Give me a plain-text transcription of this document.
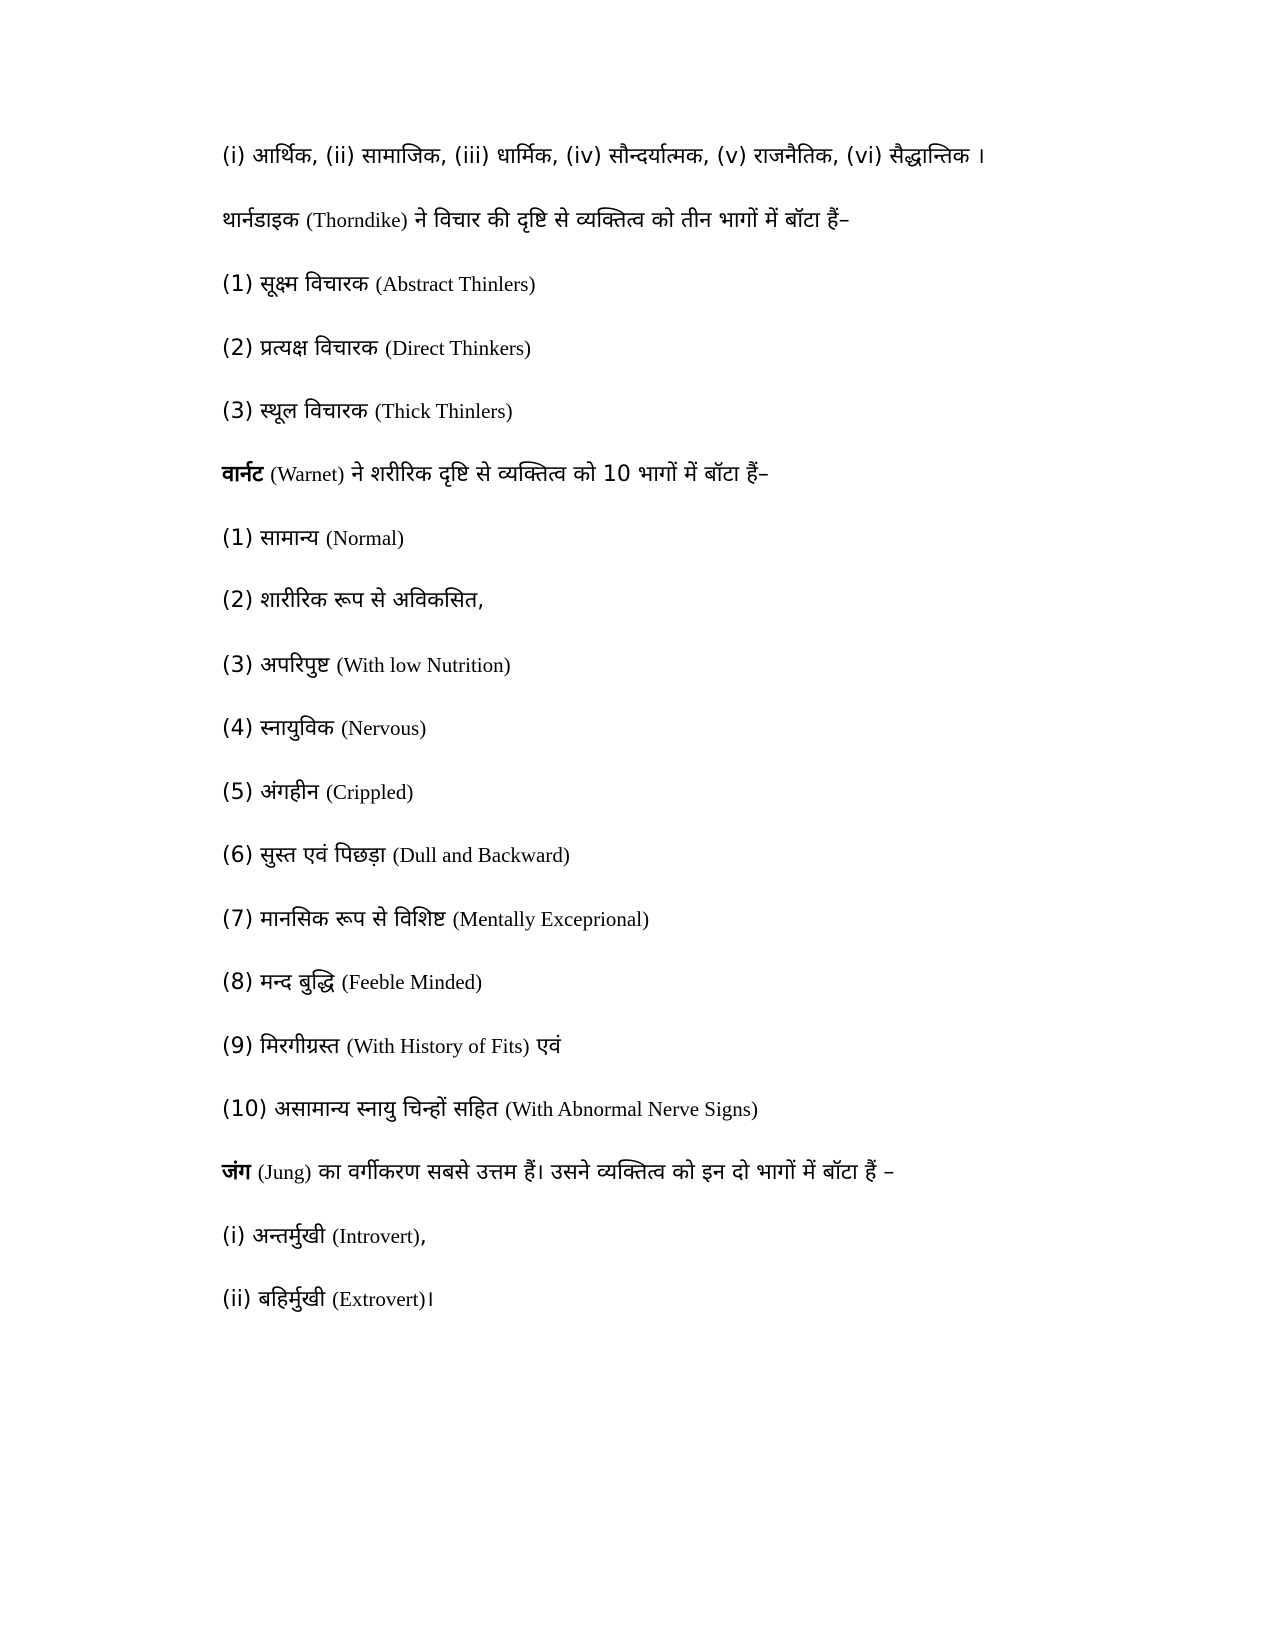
(i) आर्थिक, (ii) सामाजिक, (iii) धार्मिक, (iv) सौन्दर्यात्मक, (v) राजनैतिक, (vi) सैद्धान्तिक ।
थार्नडाइक (Thorndike) ने विचार की दृष्टि से व्यक्तित्व को तीन भागों में बॉटा हैं–
(1) सूक्ष्म विचारक (Abstract Thinlers)
(2) प्रत्यक्ष विचारक (Direct Thinkers)
(3) स्थूल विचारक (Thick Thinlers)
वार्नट (Warnet) ने शरीरिक दृष्टि से व्यक्तित्व को 10 भागों में बॉटा हैं–
(1) सामान्य (Normal)
(2) शारीरिक रूप से अविकसित,
(3) अपरिपुष्ट (With low Nutrition)
(4) स्नायुविक (Nervous)
(5) अंगहीन (Crippled)
(6) सुस्त एवं पिछड़ा (Dull and Backward)
(7) मानसिक रूप से विशिष्ट (Mentally Exceprional)
(8) मन्द बुद्धि (Feeble Minded)
(9) मिरगीग्रस्त (With History of Fits) एवं
(10) असामान्य स्नायु चिन्हों सहित (With Abnormal Nerve Signs)
जंग (Jung) का वर्गीकरण सबसे उत्तम हैं। उसने व्यक्तित्व को इन दो भागों में बॉटा हैं –
(i) अन्तर्मुखी (Introvert),
(ii) बहिर्मुखी (Extrovert)।
